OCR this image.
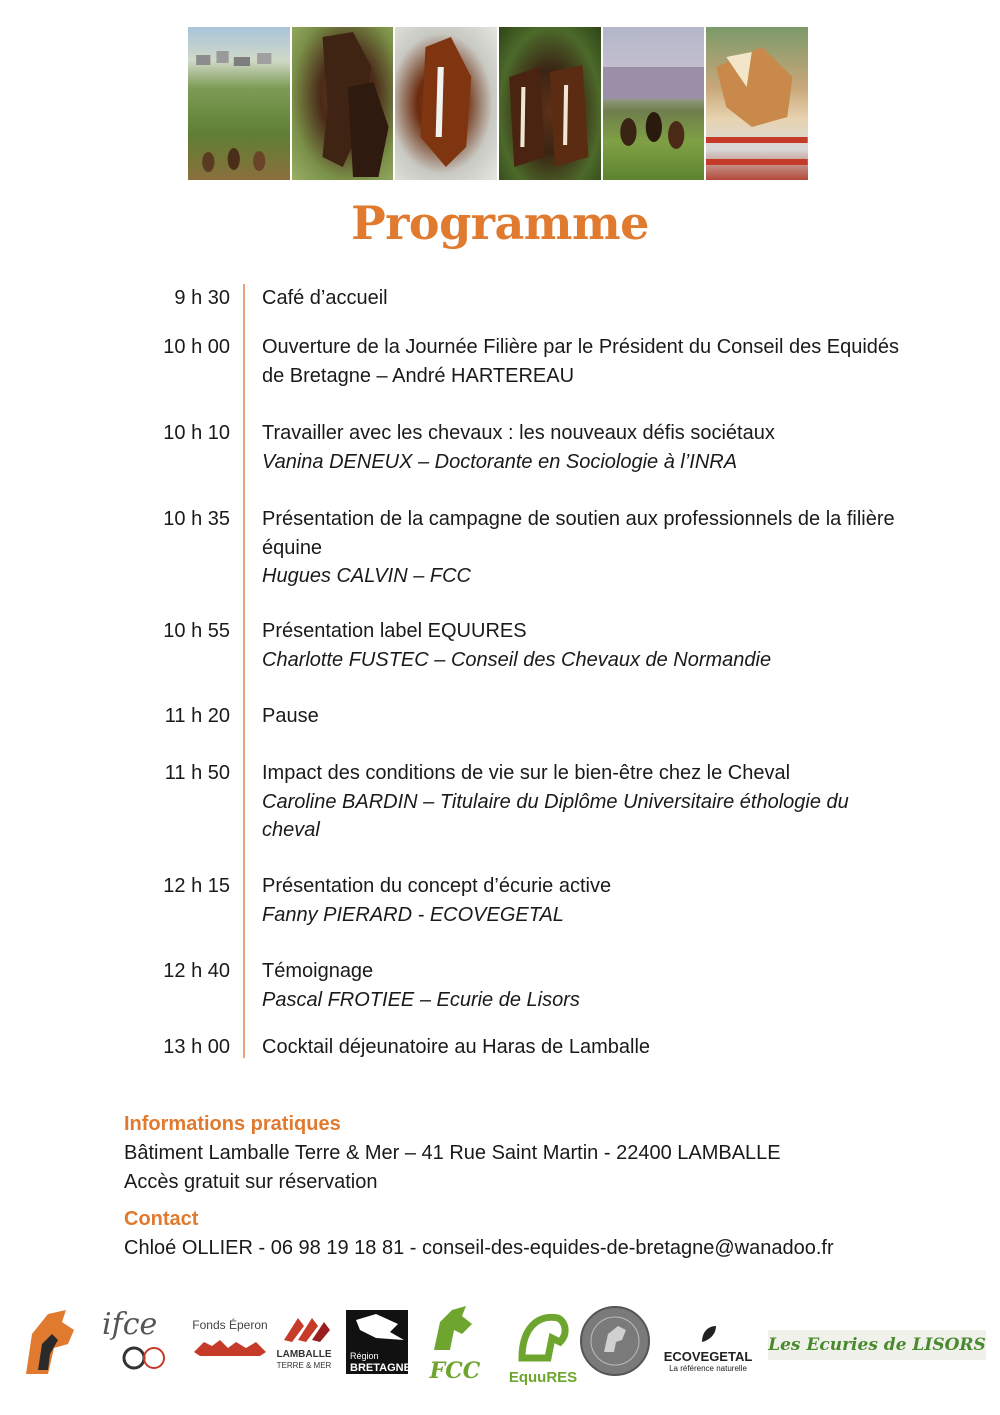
Programme
9 h 30 Café d’accueil
10 h 00 Ouverture de la Journée Filière par le Président du Conseil des Equidés de Bretagne – André HARTEREAU
10 h 10 Travailler avec les chevaux : les nouveaux défis sociétaux
Vanina DENEUX – Doctorante en Sociologie à l’INRA
10 h 35 Présentation de la campagne de soutien aux professionnels de la filière équine
Hugues CALVIN – FCC
10 h 55 Présentation label EQUURES
Charlotte FUSTEC – Conseil des Chevaux de Normandie
11 h 20 Pause
11 h 50 Impact des conditions de vie sur le bien-être chez le Cheval
Caroline BARDIN – Titulaire du Diplôme Universitaire éthologie du cheval
12 h 15 Présentation du concept d’écurie active
Fanny PIERARD - ECOVEGETAL
12 h 40 Témoignage
Pascal FROTIEE – Ecurie de Lisors
13 h 00 Cocktail déjeunatoire au Haras de Lamballe
Informations pratiques
Bâtiment Lamballe Terre & Mer – 41 Rue Saint Martin - 22400 LAMBALLE
Accès gratuit sur réservation
Contact
Chloé OLLIER - 06 98 19 18 81 - conseil-des-equides-de-bretagne@wanadoo.fr
ifce	Fonds Éperon
LAMBALLE
TERRE & MER
Région
BRETAGNE FCC	EquuRES
ECOVEGETAL
La référence naturelle
Les Ecuries de LISORS
